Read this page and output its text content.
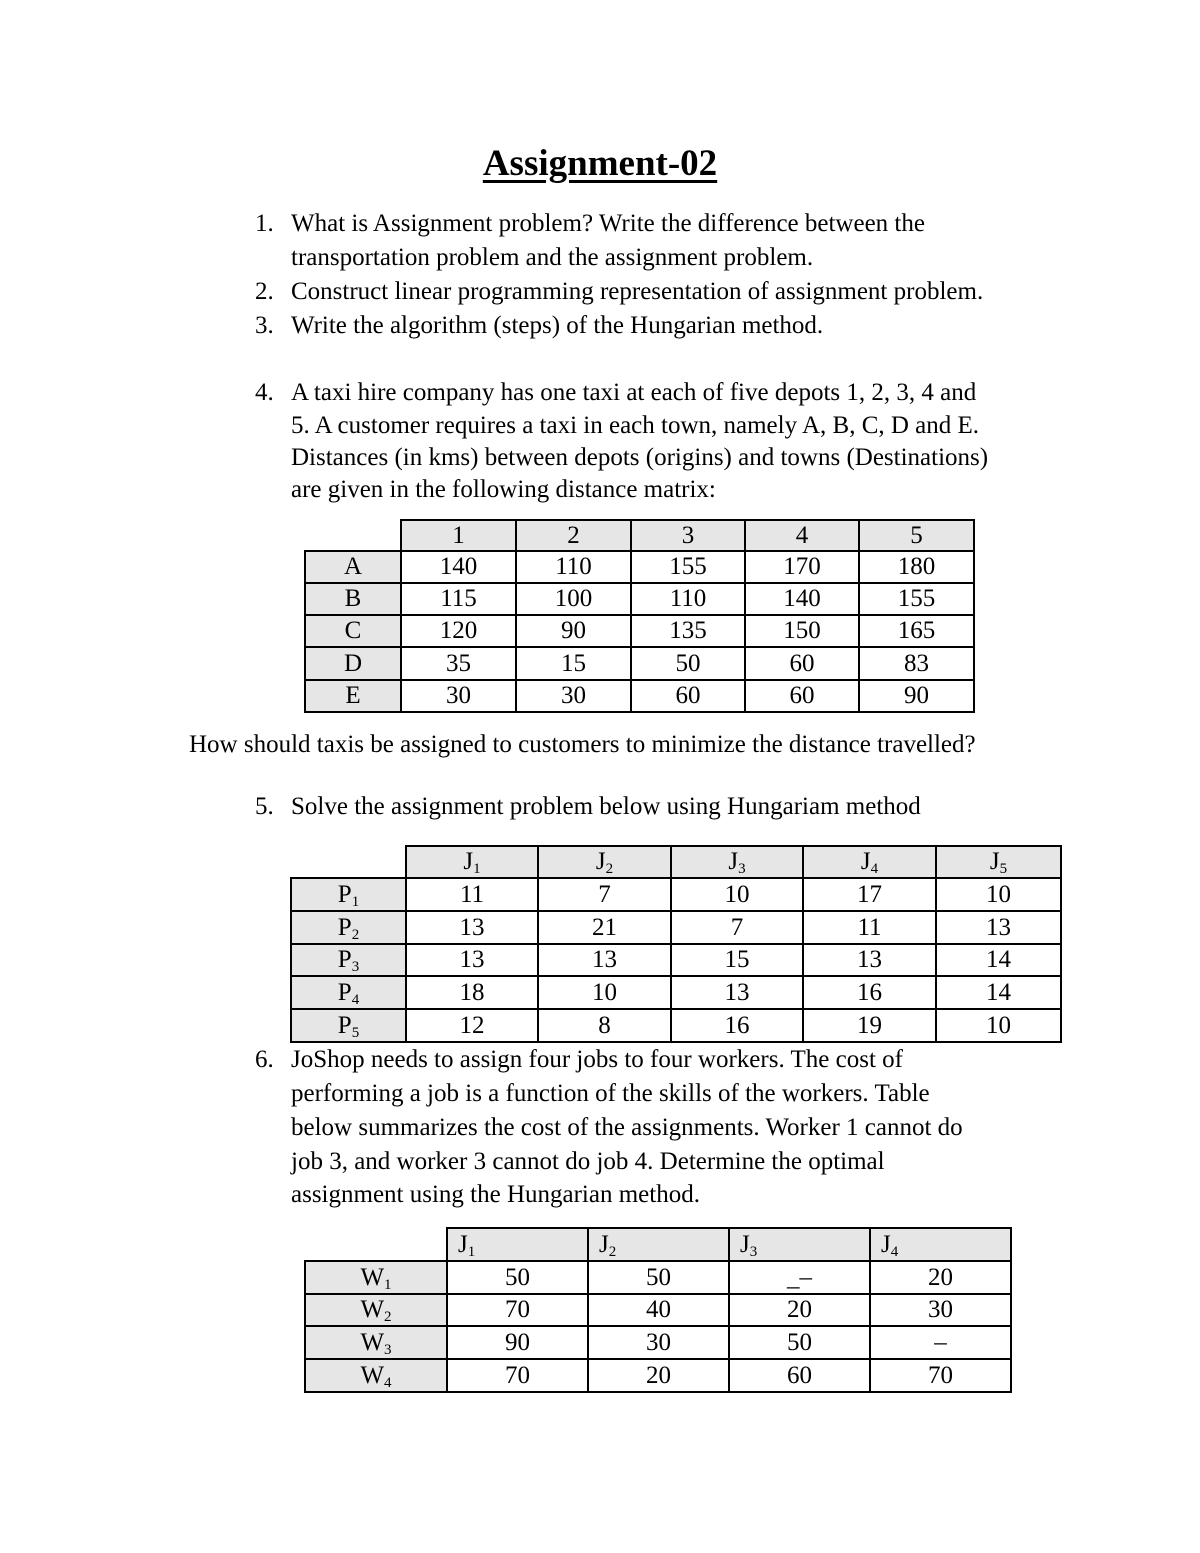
Assignment-02
1. What is Assignment problem? Write the difference between the
transportation problem and the assignment problem.
2. Construct linear programming representation of assignment problem.
3. Write the algorithm (steps) of the Hungarian method.
4. A taxi hire company has one taxi at each of five depots 1, 2, 3, 4 and
5. A customer requires a taxi in each town, namely A, B, C, D and E.
Distances (in kms) between depots (origins) and towns (Destinations)
are given in the following distance matrix:
	1	2	3	4	5
A	140	110	155	170	180
B	115	100	110	140	155
C	120	90	135	150	165
D	35	15	50	60	83
E	30	30	60	60	90
How should taxis be assigned to customers to minimize the distance travelled?
5. Solve the assignment problem below using Hungariam method
	$J_1$	$J_2$	$J_3$	$J_4$	$J_5$
$P_1$	11	7	10	17	10
$P_2$	13	21	7	11	13
$P_3$	13	13	15	13	14
$P_4$	18	10	13	16	14
$P_5$	12	8	16	19	10
6. JoShop needs to assign four jobs to four workers. The cost of
performing a job is a function of the skills of the workers. Table
below summarizes the cost of the assignments. Worker 1 cannot do
job 3, and worker 3 cannot do job 4. Determine the optimal
assignment using the Hungarian method.
	$J_1$	$J_2$	$J_3$	$J_4$
$W_1$	50	50	_–	20
$W_2$	70	40	20	30
$W_3$	90	30	50	–
$W_4$	70	20	60	70
